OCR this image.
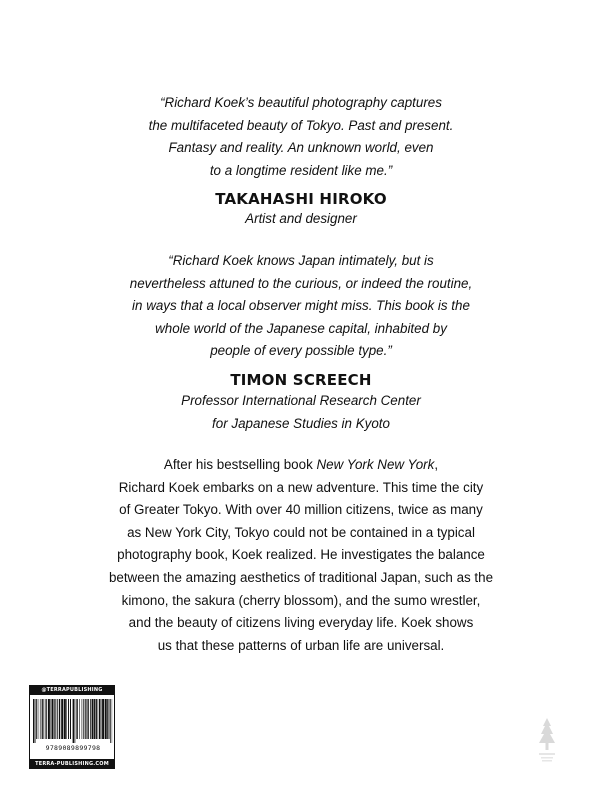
“Richard Koek’s beautiful photography captures
the multifaceted beauty of Tokyo. Past and present.
Fantasy and reality. An unknown world, even
to a longtime resident like me.”
TAKAHASHI HIROKO
Artist and designer
“Richard Koek knows Japan intimately, but is
nevertheless attuned to the curious, or indeed the routine,
in ways that a local observer might miss. This book is the
whole world of the Japanese capital, inhabited by
people of every possible type.”
TIMON SCREECH
Professor International Research Center
for Japanese Studies in Kyoto
After his bestselling book New York New York,
Richard Koek embarks on a new adventure. This time the city
of Greater Tokyo. With over 40 million citizens, twice as many
as New York City, Tokyo could not be contained in a typical
photography book, Koek realized. He investigates the balance
between the amazing aesthetics of traditional Japan, such as the
kimono, the sakura (cherry blossom), and the sumo wrestler,
and the beauty of citizens living everyday life. Koek shows
us that these patterns of urban life are universal.
@TERRAPUBLISHING
9789089899798
TERRA-PUBLISHING.COM
